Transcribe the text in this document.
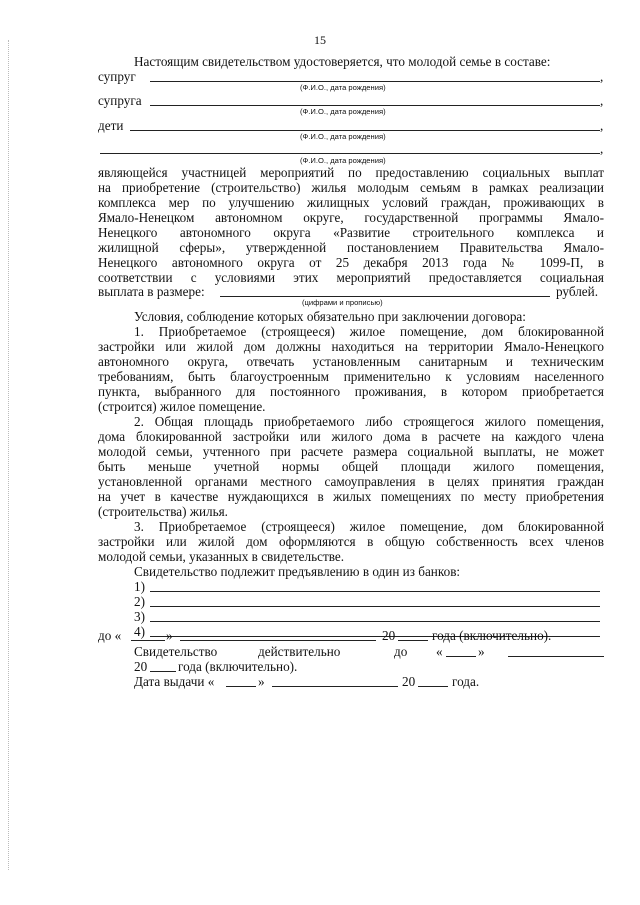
15
Настоящим свидетельством удостоверяется, что молодой семье в составе:
супруг	,
(Ф.И.О., дата рождения)
супруга	,
(Ф.И.О., дата рождения)
дети	,
(Ф.И.О., дата рождения)
,
(Ф.И.О., дата рождения)
являющейся участницей мероприятий по предоставлению социальных выплат
на приобретение (строительство) жилья молодым семьям в рамках реализации
комплекса мер по улучшению жилищных условий граждан, проживающих в
Ямало-Ненецком автономном округе, государственной программы Ямало-
Ненецкого автономного округа «Развитие строительного комплекса и
жилищной сферы», утвержденной постановлением Правительства Ямало-
Ненецкого автономного округа от 25 декабря 2013 года № 1099-П, в
соответствии с условиями этих мероприятий предоставляется социальная
выплата в размере:	рублей.
(цифрами и прописью)
Условия, соблюдение которых обязательно при заключении договора:
1. Приобретаемое (строящееся) жилое помещение, дом блокированной
застройки или жилой дом должны находиться на территории Ямало-Ненецкого
автономного округа, отвечать установленным санитарным и техническим
требованиям, быть благоустроенным применительно к условиям населенного
пункта, выбранного для постоянного проживания, в котором приобретается
(строится) жилое помещение.
2. Общая площадь приобретаемого либо строящегося жилого помещения,
дома блокированной застройки или жилого дома в расчете на каждого члена
молодой семьи, учтенного при расчете размера социальной выплаты, не может
быть меньше учетной нормы общей площади жилого помещения,
установленной органами местного самоуправления в целях принятия граждан
на учет в качестве нуждающихся в жилых помещениях по месту приобретения
(строительства) жилья.
3. Приобретаемое (строящееся) жилое помещение, дом блокированной
застройки или жилой дом оформляются в общую собственность всех членов
молодой семьи, указанных в свидетельстве.
Свидетельство подлежит предъявлению в один из банков:
1)
2)
3)
4)
до «	»	20	года (включительно).
Свидетельство	действительно	до «	»
20 года (включительно).
Дата выдачи «	»	20	года.
